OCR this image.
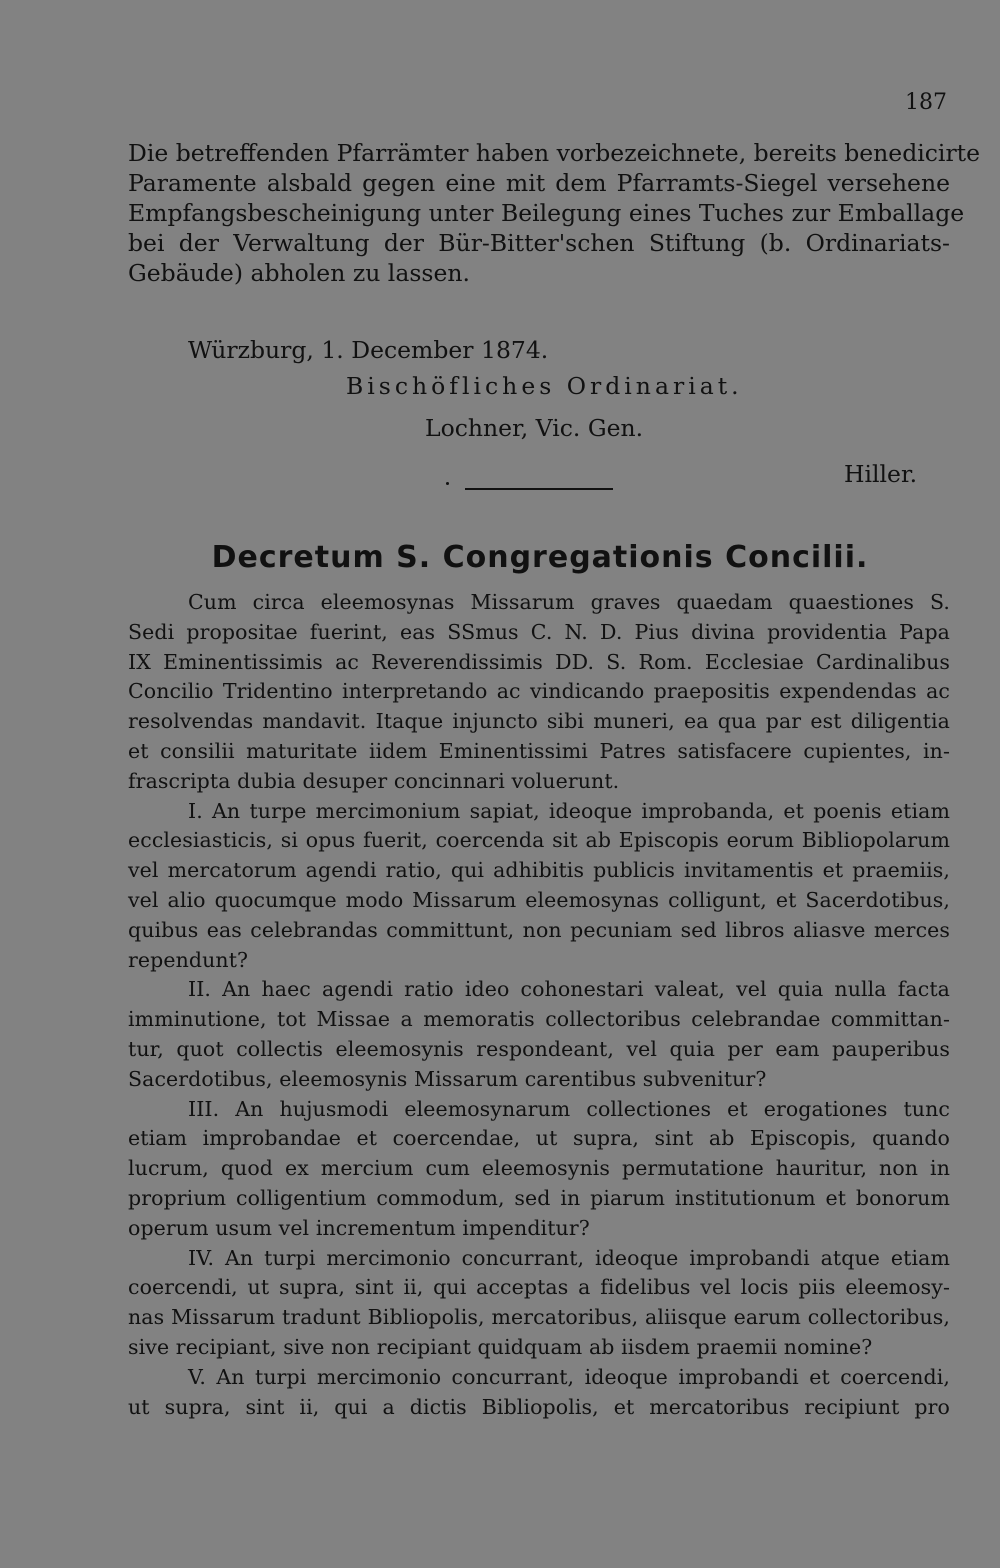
187
Die betreffenden Pfarrämter haben vorbezeichnete, bereits benedicirte
Paramente alsbald gegen eine mit dem Pfarramts-Siegel versehene
Empfangsbescheinigung unter Beilegung eines Tuches zur Emballage
bei der Verwaltung der Bür-Bitter'schen Stiftung (b. Ordinariats-
Gebäude) abholen zu lassen.
Würzburg, 1. December 1874.
Bischöfliches Ordinariat.
Lochner, Vic. Gen.
Hiller.
Decretum S. Congregationis Concilii.
Cum circa eleemosynas Missarum graves quaedam quaestiones S.
Sedi propositae fuerint, eas SSmus C. N. D. Pius divina providentia Papa
IX Eminentissimis ac Reverendissimis DD. S. Rom. Ecclesiae Cardinalibus
Concilio Tridentino interpretando ac vindicando praepositis expendendas ac
resolvendas mandavit. Itaque injuncto sibi muneri, ea qua par est diligentia
et consilii maturitate iidem Eminentissimi Patres satisfacere cupientes, in-
frascripta dubia desuper concinnari voluerunt.
I. An turpe mercimonium sapiat, ideoque improbanda, et poenis etiam
ecclesiasticis, si opus fuerit, coercenda sit ab Episcopis eorum Bibliopolarum
vel mercatorum agendi ratio, qui adhibitis publicis invitamentis et praemiis,
vel alio quocumque modo Missarum eleemosynas colligunt, et Sacerdotibus,
quibus eas celebrandas committunt, non pecuniam sed libros aliasve merces
rependunt?
II. An haec agendi ratio ideo cohonestari valeat, vel quia nulla facta
imminutione, tot Missae a memoratis collectoribus celebrandae committan-
tur, quot collectis eleemosynis respondeant, vel quia per eam pauperibus
Sacerdotibus, eleemosynis Missarum carentibus subvenitur?
III. An hujusmodi eleemosynarum collectiones et erogationes tunc
etiam improbandae et coercendae, ut supra, sint ab Episcopis, quando
lucrum, quod ex mercium cum eleemosynis permutatione hauritur, non in
proprium colligentium commodum, sed in piarum institutionum et bonorum
operum usum vel incrementum impenditur?
IV. An turpi mercimonio concurrant, ideoque improbandi atque etiam
coercendi, ut supra, sint ii, qui acceptas a fidelibus vel locis piis eleemosy-
nas Missarum tradunt Bibliopolis, mercatoribus, aliisque earum collectoribus,
sive recipiant, sive non recipiant quidquam ab iisdem praemii nomine?
V. An turpi mercimonio concurrant, ideoque improbandi et coercendi,
ut supra, sint ii, qui a dictis Bibliopolis, et mercatoribus recipiunt pro
